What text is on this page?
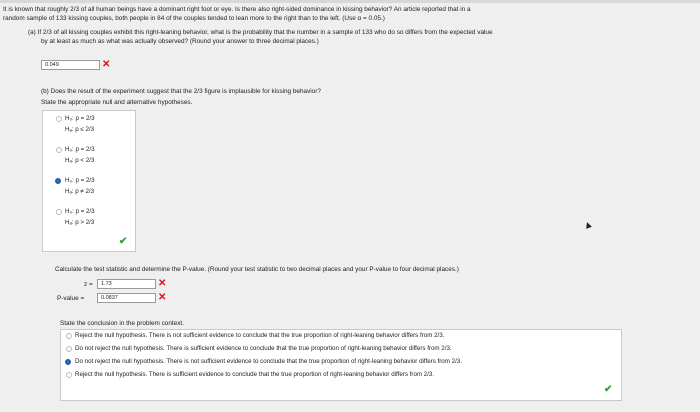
It is known that roughly 2/3 of all human beings have a dominant right foot or eye. Is there also right-sided dominance in kissing behavior? An article reported that in a
random sample of 133 kissing couples, both people in 84 of the couples tended to lean more to the right than to the left. (Use α = 0.05.)
(a) If 2/3 of all kissing couples exhibit this right-leaning behavior, what is the probability that the number in a sample of 133 who do so differs from the expected value
by at least as much as what was actually observed? (Round your answer to three decimal places.)
0.049	✕
(b) Does the result of the experiment suggest that the 2/3 figure is implausible for kissing behavior?
State the appropriate null and alternative hypotheses.
H₀: p = 2/3
Hₐ: p ≤ 2/3
H₀: p = 2/3
Hₐ: p < 2/3
H₀: p = 2/3
Hₐ: p ≠ 2/3
H₀: p = 2/3
Hₐ: p > 2/3
✔
Calculate the test statistic and determine the P-value. (Round your test statistic to two decimal places and your P-value to four decimal places.)
z =	1.73	✕
P-value =	0.0837	✕
State the conclusion in the problem context.
Reject the null hypothesis. There is not sufficient evidence to conclude that the true proportion of right-leaning behavior differs from 2/3.
Do not reject the null hypothesis. There is sufficient evidence to conclude that the true proportion of right-leaning behavior differs from 2/3.
Do not reject the null hypothesis. There is not sufficient evidence to conclude that the true proportion of right-leaning behavior differs from 2/3.
Reject the null hypothesis. There is sufficient evidence to conclude that the true proportion of right-leaning behavior differs from 2/3.
✔
